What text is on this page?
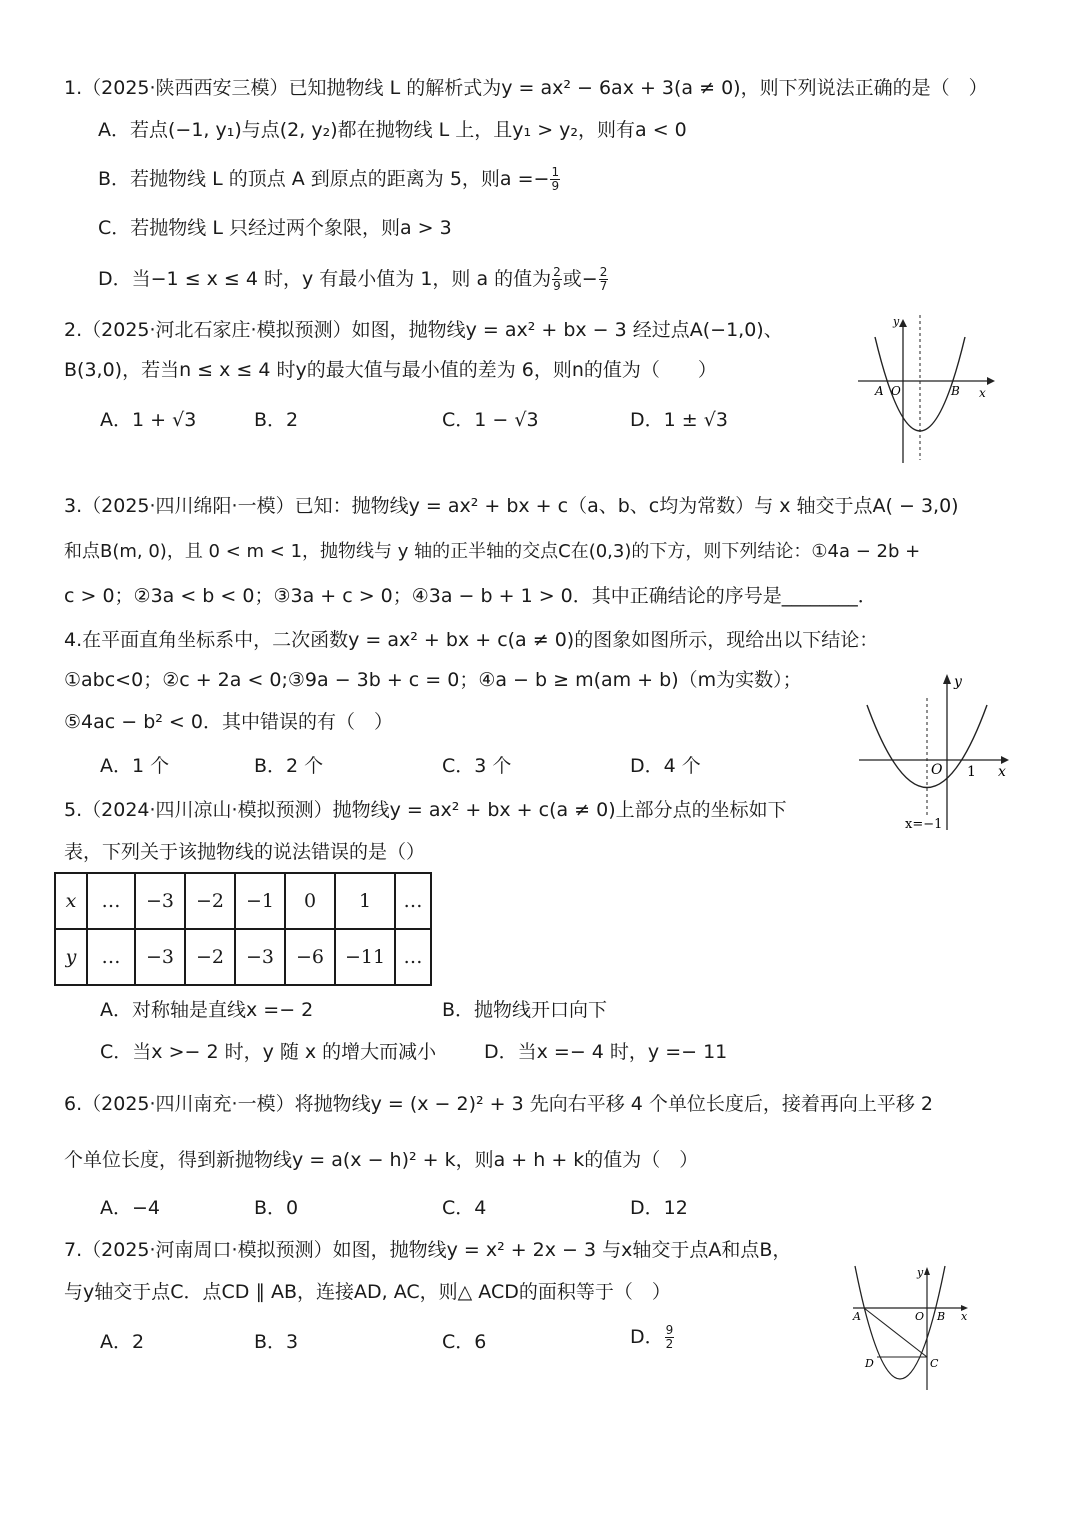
1.（2025·陕西西安三模）已知抛物线 L 的解析式为y = ax² − 6ax + 3(a ≠ 0)，则下列说法正确的是（　）
A．若点(−1, y₁)与点(2, y₂)都在抛物线 L 上，且y₁ > y₂，则有a < 0
B．若抛物线 L 的顶点 A 到原点的距离为 5，则$a =- \frac{1}{9}$
C．若抛物线 L 只经过两个象限，则a > 3
D．当−1 ≤ x ≤ 4 时，y 有最小值为 1，则 a 的值为 $\frac{2}{9}$ 或− $\frac{2}{7}$
2.（2025·河北石家庄·模拟预测）如图，抛物线y = ax² + bx − 3 经过点A(−1,0)、
B(3,0)，若当n ≤ x ≤ 4 时y的最大值与最小值的差为 6，则n的值为（　　）
A．1 + √3	B．2	C．1 − √3	D．1 ± √3
y
x
A O	B
3.（2025·四川绵阳·一模）已知：抛物线y = ax² + bx + c（a、b、c均为常数）与 x 轴交于点A( − 3,0)
和点B(m, 0)，且 0 < m < 1，抛物线与 y 轴的正半轴的交点C在(0,3)的下方，则下列结论：①4a − 2b +
c > 0；②3a < b < 0；③3a + c > 0；④3a − b + 1 > 0．其中正确结论的序号是________．
4.在平面直角坐标系中，二次函数y = ax² + bx + c(a ≠ 0)的图象如图所示，现给出以下结论：
①abc<0；②c + 2a < 0;③9a − 3b + c = 0；④a − b ≥ m(am + b)（m为实数）；
⑤4ac − b² < 0．其中错误的有（　）
A．1 个	B．2 个	C．3 个	D．4 个
y
x
O 1
x=−1
5.（2024·四川凉山·模拟预测）抛物线y = ax² + bx + c(a ≠ 0)上部分点的坐标如下
表，下列关于该抛物线的说法错误的是（）
x	…	−3	−2	−1	0	1	…
y	…	−3	−2	−3	−6	−11	…
A．对称轴是直线x =− 2	B．抛物线开口向下
C．当x >− 2 时，y 随 x 的增大而减小	D．当x =− 4 时，y =− 11
6.（2025·四川南充·一模）将抛物线y = (x − 2)² + 3 先向右平移 4 个单位长度后，接着再向上平移 2
个单位长度，得到新抛物线y = a(x − h)² + k，则a + h + k的值为（　）
A．−4	B．0	C．4	D．12
7.（2025·河南周口·模拟预测）如图，抛物线y = x² + 2x − 3 与x轴交于点A和点B，
与y轴交于点C．点CD ∥ AB，连接AD, AC，则△ ACD的面积等于（　）
A．2	B．3	C．6	D． $\frac{9}{2}$
y
x
A	O B
C
D
